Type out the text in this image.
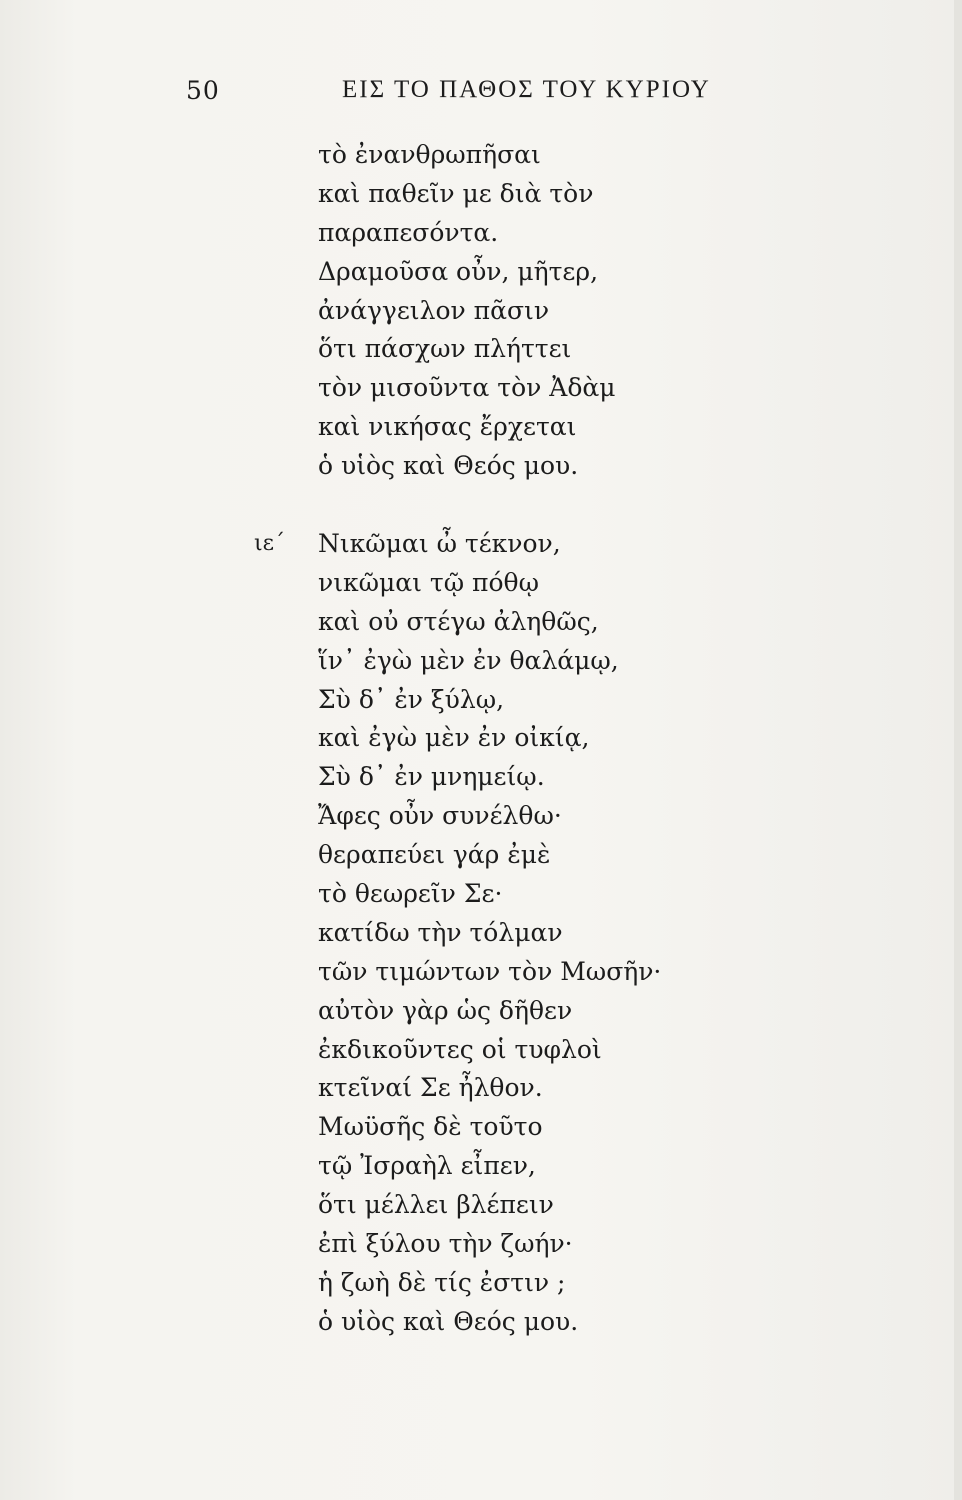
50	ΕΙΣ ΤΟ ΠΑΘΟΣ ΤΟΥ ΚΥΡΙΟΥ
τὸ ἐνανθρωπῆσαι
καὶ παθεῖν με διὰ τὸν
παραπεσόντα.
Δραμοῦσα οὖν, μῆτερ,
ἀνάγγειλον πᾶσιν
ὅτι πάσχων πλήττει
τὸν μισοῦντα τὸν Ἀδὰμ
καὶ νικήσας ἔρχεται
ὁ υἱὸς καὶ Θεός μου.
ιε΄ Νικῶμαι ὦ τέκνον,
νικῶμαι τῷ πόθῳ
καὶ οὐ στέγω ἀληθῶς,
ἵν᾽ ἐγὼ μὲν ἐν θαλάμῳ,
Σὺ δ᾽ ἐν ξύλῳ,
καὶ ἐγὼ μὲν ἐν οἰκίᾳ,
Σὺ δ᾽ ἐν μνημείῳ.
Ἄφες οὖν συνέλθω·
θεραπεύει γάρ ἐμὲ
τὸ θεωρεῖν Σε·
κατίδω τὴν τόλμαν
τῶν τιμώντων τὸν Μωσῆν·
αὐτὸν γὰρ ὡς δῆθεν
ἐκδικοῦντες οἱ τυφλοὶ
κτεῖναί Σε ἦλθον.
Μωϋσῆς δὲ τοῦτο
τῷ Ἰσραὴλ εἶπεν,
ὅτι μέλλει βλέπειν
ἐπὶ ξύλου τὴν ζωήν·
ἡ ζωὴ δὲ τίς ἐστιν ;
ὁ υἱὸς καὶ Θεός μου.
